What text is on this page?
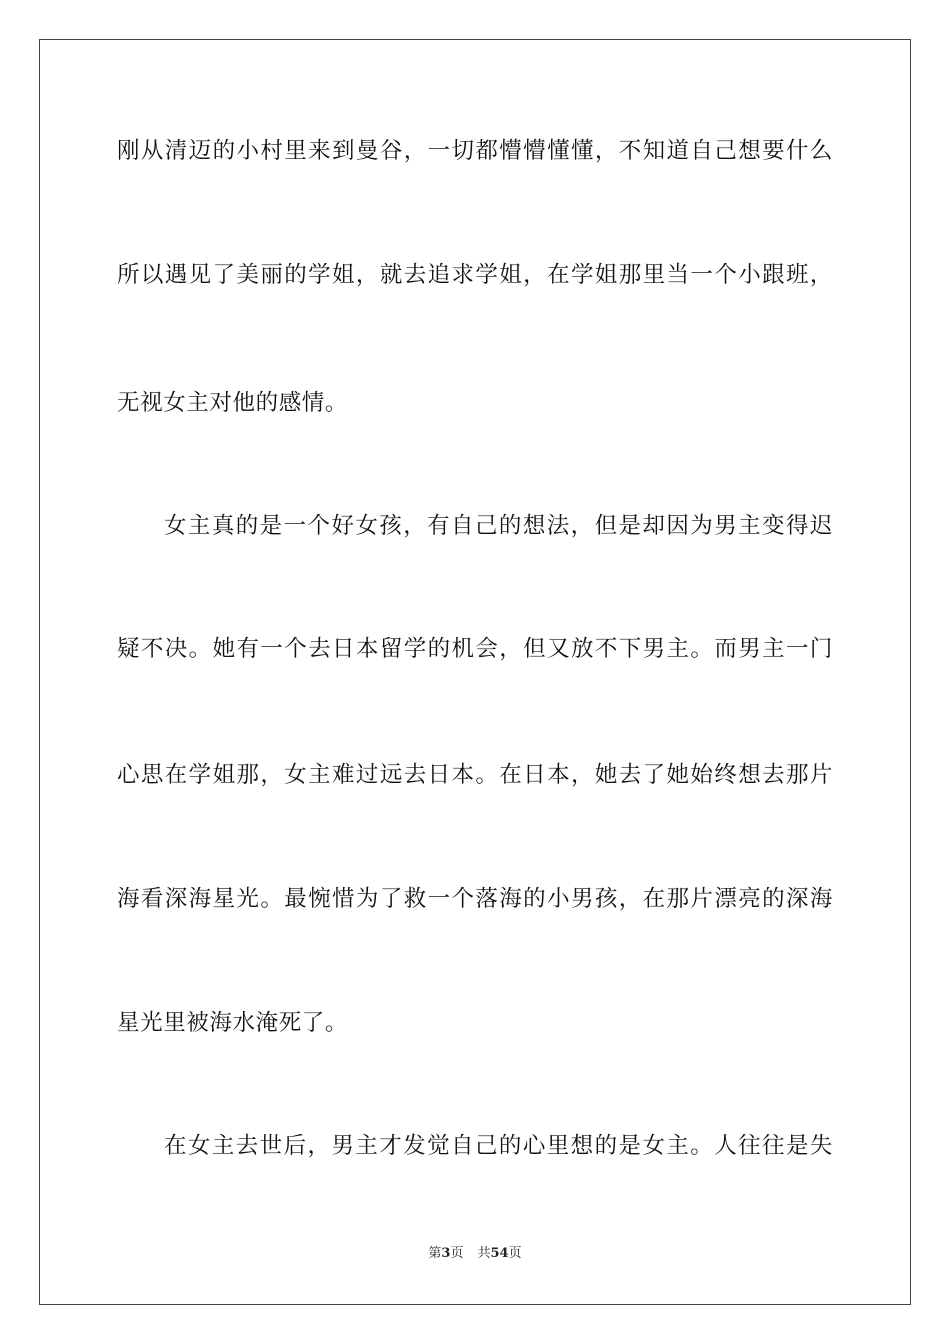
刚从清迈的小村里来到曼谷，一切都懵懵懂懂，不知道自己想要什么
所以遇见了美丽的学姐，就去追求学姐，在学姐那里当一个小跟班，
无视女主对他的感情。
女主真的是一个好女孩，有自己的想法，但是却因为男主变得迟
疑不决。她有一个去日本留学的机会，但又放不下男主。而男主一门
心思在学姐那，女主难过远去日本。在日本，她去了她始终想去那片
海看深海星光。最惋惜为了救一个落海的小男孩，在那片漂亮的深海
星光里被海水淹死了。
在女主去世后，男主才发觉自己的心里想的是女主。人往往是失
第3页 共54页
